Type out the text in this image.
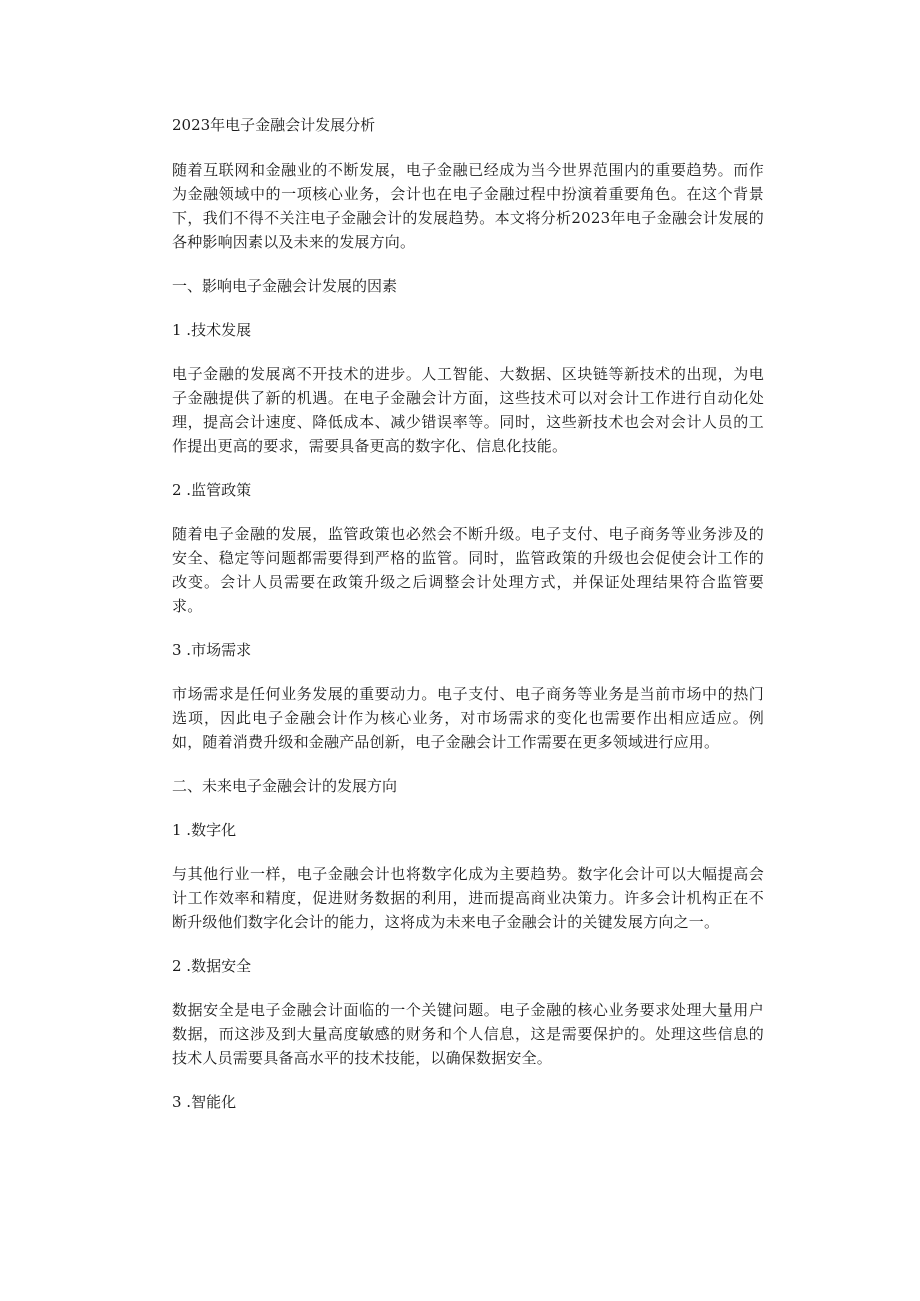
2023年电子金融会计发展分析

随着互联网和金融业的不断发展，电子金融已经成为当今世界范围内的重要趋势。而作为金融领域中的一项核心业务，会计也在电子金融过程中扮演着重要角色。在这个背景下，我们不得不关注电子金融会计的发展趋势。本文将分析2023年电子金融会计发展的各种影响因素以及未来的发展方向。

一、影响电子金融会计发展的因素
1 .技术发展

电子金融的发展离不开技术的进步。人工智能、大数据、区块链等新技术的出现，为电子金融提供了新的机遇。在电子金融会计方面，这些技术可以对会计工作进行自动化处理，提高会计速度、降低成本、减少错误率等。同时，这些新技术也会对会计人员的工作提出更高的要求，需要具备更高的数字化、信息化技能。

2 .监管政策

随着电子金融的发展，监管政策也必然会不断升级。电子支付、电子商务等业务涉及的安全、稳定等问题都需要得到严格的监管。同时，监管政策的升级也会促使会计工作的改变。会计人员需要在政策升级之后调整会计处理方式，并保证处理结果符合监管要求。

3 .市场需求

市场需求是任何业务发展的重要动力。电子支付、电子商务等业务是当前市场中的热门选项，因此电子金融会计作为核心业务，对市场需求的变化也需要作出相应适应。例如，随着消费升级和金融产品创新，电子金融会计工作需要在更多领域进行应用。

二、未来电子金融会计的发展方向
1 .数字化

与其他行业一样，电子金融会计也将数字化成为主要趋势。数字化会计可以大幅提高会计工作效率和精度，促进财务数据的利用，进而提高商业决策力。许多会计机构正在不断升级他们数字化会计的能力，这将成为未来电子金融会计的关键发展方向之一。

2 .数据安全

数据安全是电子金融会计面临的一个关键问题。电子金融的核心业务要求处理大量用户数据，而这涉及到大量高度敏感的财务和个人信息，这是需要保护的。处理这些信息的技术人员需要具备高水平的技术技能，以确保数据安全。

3 .智能化
